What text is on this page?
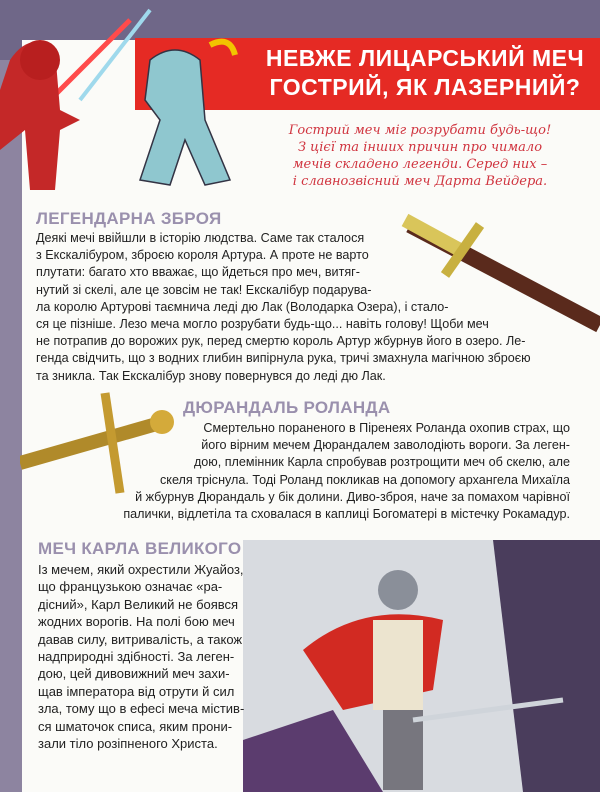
НЕВЖЕ ЛИЦАРСЬКИЙ МЕЧ
ГОСТРИЙ, ЯК ЛАЗЕРНИЙ?
Гострий меч міг розрубати будь-що!
З цієї та інших причин про чимало
мечів складено легенди. Серед них –
і славнозвісний меч Дарта Вейдера.
ЛЕГЕНДАРНА ЗБРОЯ
Деякі мечі ввійшли в історію людства. Саме так сталося
з Екскалібуром, зброєю короля Артура. А проте не варто
плутати: багато хто вважає, що йдеться про меч, витяг-
нутий зі скелі, але це зовсім не так! Екскалібур подарува-
ла королю Артурові таємнича леді дю Лак (Володарка Озера), і стало-
ся це пізніше. Лезо меча могло розрубати будь-що... навіть голову! Щоби меч
не потрапив до ворожих рук, перед смертю король Артур жбурнув його в озеро. Ле-
генда свідчить, що з водних глибин випірнула рука, тричі змахнула магічною зброєю
та зникла. Так Екскалібур знову повернувся до леді дю Лак.
ДЮРАНДАЛЬ РОЛАНДА
Смертельно пораненого в Піренеях Роланда охопив страх, що
його вірним мечем Дюрандалем заволодіють вороги. За леген-
дою, племінник Карла спробував розтрощити меч об скелю, але
скеля тріснула. Тоді Роланд покликав на допомогу архангела Михаїла
й жбурнув Дюрандаль у бік долини. Диво-зброя, наче за помахом чарівної
палички, відлетіла та сховалася в каплиці Богоматері в містечку Рокамадур.
МЕЧ КАРЛА ВЕЛИКОГО
Із мечем, який охрестили Жуайоз,
що французькою означає «ра-
дісний», Карл Великий не боявся
жодних ворогів. На полі бою меч
давав силу, витривалість, а також
надприродні здібності. За леген-
дою, цей дивовижний меч захи-
щав імператора від отрути й сил
зла, тому що в ефесі меча містив-
ся шматочок списа, яким прони-
зали тіло розіпненого Христа.
